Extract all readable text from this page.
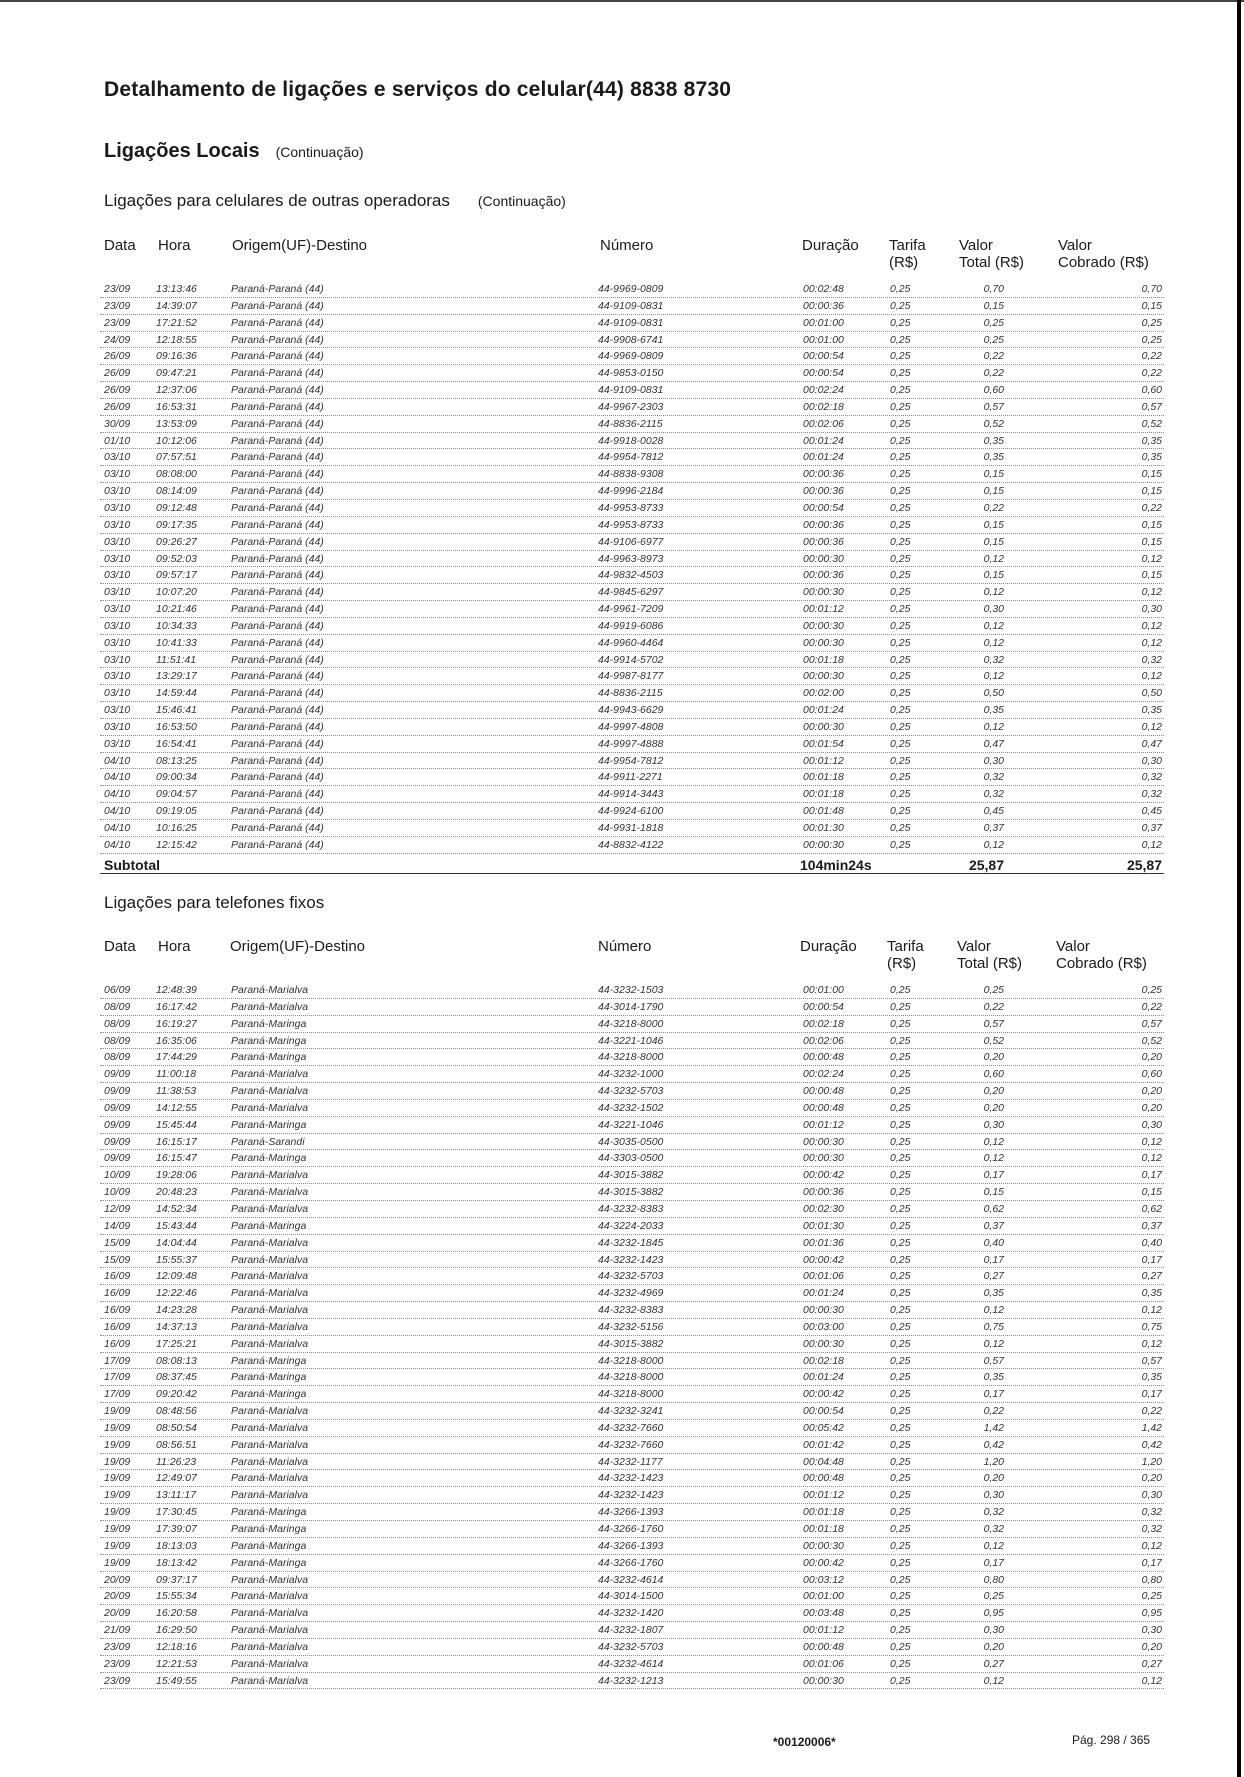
Detalhamento de ligações e serviços do celular(44) 8838 8730
Ligações Locais (Continuação)
Ligações para celulares de outras operadoras (Continuação)
Data Hora	Origem(UF)-Destino	Número	Duração Tarifa
(R$)
Valor
Total (R$)
Valor
Cobrado (R$)
23/09 13:13:46	Paraná-Paraná (44)	44-9969-0809	00:02:48	0,25	0,70	0,70
23/09 14:39:07	Paraná-Paraná (44)	44-9109-0831	00:00:36	0,25	0,15	0,15
23/09 17:21:52	Paraná-Paraná (44)	44-9109-0831	00:01:00	0,25	0,25	0,25
24/09 12:18:55	Paraná-Paraná (44)	44-9908-6741	00:01:00	0,25	0,25	0,25
26/09 09:16:36	Paraná-Paraná (44)	44-9969-0809	00:00:54	0,25	0,22	0,22
26/09 09:47:21	Paraná-Paraná (44)	44-9853-0150	00:00:54	0,25	0,22	0,22
26/09 12:37:06	Paraná-Paraná (44)	44-9109-0831	00:02:24	0,25	0,60	0,60
26/09 16:53:31	Paraná-Paraná (44)	44-9967-2303	00:02:18	0,25	0,57	0,57
30/09 13:53:09	Paraná-Paraná (44)	44-8836-2115	00:02:06	0,25	0,52	0,52
01/10 10:12:06	Paraná-Paraná (44)	44-9918-0028	00:01:24	0,25	0,35	0,35
03/10 07:57:51	Paraná-Paraná (44)	44-9954-7812	00:01:24	0,25	0,35	0,35
03/10 08:08:00	Paraná-Paraná (44)	44-8838-9308	00:00:36	0,25	0,15	0,15
03/10 08:14:09	Paraná-Paraná (44)	44-9996-2184	00:00:36	0,25	0,15	0,15
03/10 09:12:48	Paraná-Paraná (44)	44-9953-8733	00:00:54	0,25	0,22	0,22
03/10 09:17:35	Paraná-Paraná (44)	44-9953-8733	00:00:36	0,25	0,15	0,15
03/10 09:26:27	Paraná-Paraná (44)	44-9106-6977	00:00:36	0,25	0,15	0,15
03/10 09:52:03	Paraná-Paraná (44)	44-9963-8973	00:00:30	0,25	0,12	0,12
03/10 09:57:17	Paraná-Paraná (44)	44-9832-4503	00:00:36	0,25	0,15	0,15
03/10 10:07:20	Paraná-Paraná (44)	44-9845-6297	00:00:30	0,25	0,12	0,12
03/10 10:21:46	Paraná-Paraná (44)	44-9961-7209	00:01:12	0,25	0,30	0,30
03/10 10:34:33	Paraná-Paraná (44)	44-9919-6086	00:00:30	0,25	0,12	0,12
03/10 10:41:33	Paraná-Paraná (44)	44-9960-4464	00:00:30	0,25	0,12	0,12
03/10 11:51:41	Paraná-Paraná (44)	44-9914-5702	00:01:18	0,25	0,32	0,32
03/10 13:29:17	Paraná-Paraná (44)	44-9987-8177	00:00:30	0,25	0,12	0,12
03/10 14:59:44	Paraná-Paraná (44)	44-8836-2115	00:02:00	0,25	0,50	0,50
03/10 15:46:41	Paraná-Paraná (44)	44-9943-6629	00:01:24	0,25	0,35	0,35
03/10 16:53:50	Paraná-Paraná (44)	44-9997-4808	00:00:30	0,25	0,12	0,12
03/10 16:54:41	Paraná-Paraná (44)	44-9997-4888	00:01:54	0,25	0,47	0,47
04/10 08:13:25	Paraná-Paraná (44)	44-9954-7812	00:01:12	0,25	0,30	0,30
04/10 09:00:34	Paraná-Paraná (44)	44-9911-2271	00:01:18	0,25	0,32	0,32
04/10 09:04:57	Paraná-Paraná (44)	44-9914-3443	00:01:18	0,25	0,32	0,32
04/10 09:19:05	Paraná-Paraná (44)	44-9924-6100	00:01:48	0,25	0,45	0,45
04/10 10:16:25	Paraná-Paraná (44)	44-9931-1818	00:01:30	0,25	0,37	0,37
04/10 12:15:42	Paraná-Paraná (44)	44-8832-4122	00:00:30	0,25	0,12	0,12
Subtotal	104min24s	25,87	25,87
Ligações para telefones fixos
Data Hora	Origem(UF)-Destino	Número	Duração Tarifa
(R$)
Valor
Total (R$)
Valor
Cobrado (R$)
06/09 12:48:39	Paraná-Marialva	44-3232-1503	00:01:00	0,25	0,25	0,25
08/09 16:17:42	Paraná-Marialva	44-3014-1790	00:00:54	0,25	0,22	0,22
08/09 16:19:27	Paraná-Maringa	44-3218-8000	00:02:18	0,25	0,57	0,57
08/09 16:35:06	Paraná-Maringa	44-3221-1046	00:02:06	0,25	0,52	0,52
08/09 17:44:29	Paraná-Maringa	44-3218-8000	00:00:48	0,25	0,20	0,20
09/09 11:00:18	Paraná-Marialva	44-3232-1000	00:02:24	0,25	0,60	0,60
09/09 11:38:53	Paraná-Marialva	44-3232-5703	00:00:48	0,25	0,20	0,20
09/09 14:12:55	Paraná-Marialva	44-3232-1502	00:00:48	0,25	0,20	0,20
09/09 15:45:44	Paraná-Maringa	44-3221-1046	00:01:12	0,25	0,30	0,30
09/09 16:15:17	Paraná-Sarandi	44-3035-0500	00:00:30	0,25	0,12	0,12
09/09 16:15:47	Paraná-Maringa	44-3303-0500	00:00:30	0,25	0,12	0,12
10/09 19:28:06	Paraná-Marialva	44-3015-3882	00:00:42	0,25	0,17	0,17
10/09 20:48:23	Paraná-Marialva	44-3015-3882	00:00:36	0,25	0,15	0,15
12/09 14:52:34	Paraná-Marialva	44-3232-8383	00:02:30	0,25	0,62	0,62
14/09 15:43:44	Paraná-Maringa	44-3224-2033	00:01:30	0,25	0,37	0,37
15/09 14:04:44	Paraná-Marialva	44-3232-1845	00:01:36	0,25	0,40	0,40
15/09 15:55:37	Paraná-Marialva	44-3232-1423	00:00:42	0,25	0,17	0,17
16/09 12:09:48	Paraná-Marialva	44-3232-5703	00:01:06	0,25	0,27	0,27
16/09 12:22:46	Paraná-Marialva	44-3232-4969	00:01:24	0,25	0,35	0,35
16/09 14:23:28	Paraná-Marialva	44-3232-8383	00:00:30	0,25	0,12	0,12
16/09 14:37:13	Paraná-Marialva	44-3232-5156	00:03:00	0,25	0,75	0,75
16/09 17:25:21	Paraná-Marialva	44-3015-3882	00:00:30	0,25	0,12	0,12
17/09 08:08:13	Paraná-Maringa	44-3218-8000	00:02:18	0,25	0,57	0,57
17/09 08:37:45	Paraná-Maringa	44-3218-8000	00:01:24	0,25	0,35	0,35
17/09 09:20:42	Paraná-Maringa	44-3218-8000	00:00:42	0,25	0,17	0,17
19/09 08:48:56	Paraná-Marialva	44-3232-3241	00:00:54	0,25	0,22	0,22
19/09 08:50:54	Paraná-Marialva	44-3232-7660	00:05:42	0,25	1,42	1,42
19/09 08:56:51	Paraná-Marialva	44-3232-7660	00:01:42	0,25	0,42	0,42
19/09 11:26:23	Paraná-Marialva	44-3232-1177	00:04:48	0,25	1,20	1,20
19/09 12:49:07	Paraná-Marialva	44-3232-1423	00:00:48	0,25	0,20	0,20
19/09 13:11:17	Paraná-Marialva	44-3232-1423	00:01:12	0,25	0,30	0,30
19/09 17:30:45	Paraná-Maringa	44-3266-1393	00:01:18	0,25	0,32	0,32
19/09 17:39:07	Paraná-Maringa	44-3266-1760	00:01:18	0,25	0,32	0,32
19/09 18:13:03	Paraná-Maringa	44-3266-1393	00:00:30	0,25	0,12	0,12
19/09 18:13:42	Paraná-Maringa	44-3266-1760	00:00:42	0,25	0,17	0,17
20/09 09:37:17	Paraná-Marialva	44-3232-4614	00:03:12	0,25	0,80	0,80
20/09 15:55:34	Paraná-Marialva	44-3014-1500	00:01:00	0,25	0,25	0,25
20/09 16:20:58	Paraná-Marialva	44-3232-1420	00:03:48	0,25	0,95	0,95
21/09 16:29:50	Paraná-Marialva	44-3232-1807	00:01:12	0,25	0,30	0,30
23/09 12:18:16	Paraná-Marialva	44-3232-5703	00:00:48	0,25	0,20	0,20
23/09 12:21:53	Paraná-Marialva	44-3232-4614	00:01:06	0,25	0,27	0,27
23/09 15:49:55	Paraná-Marialva	44-3232-1213	00:00:30	0,25	0,12	0,12
*00120006*	Pág. 298 / 365
